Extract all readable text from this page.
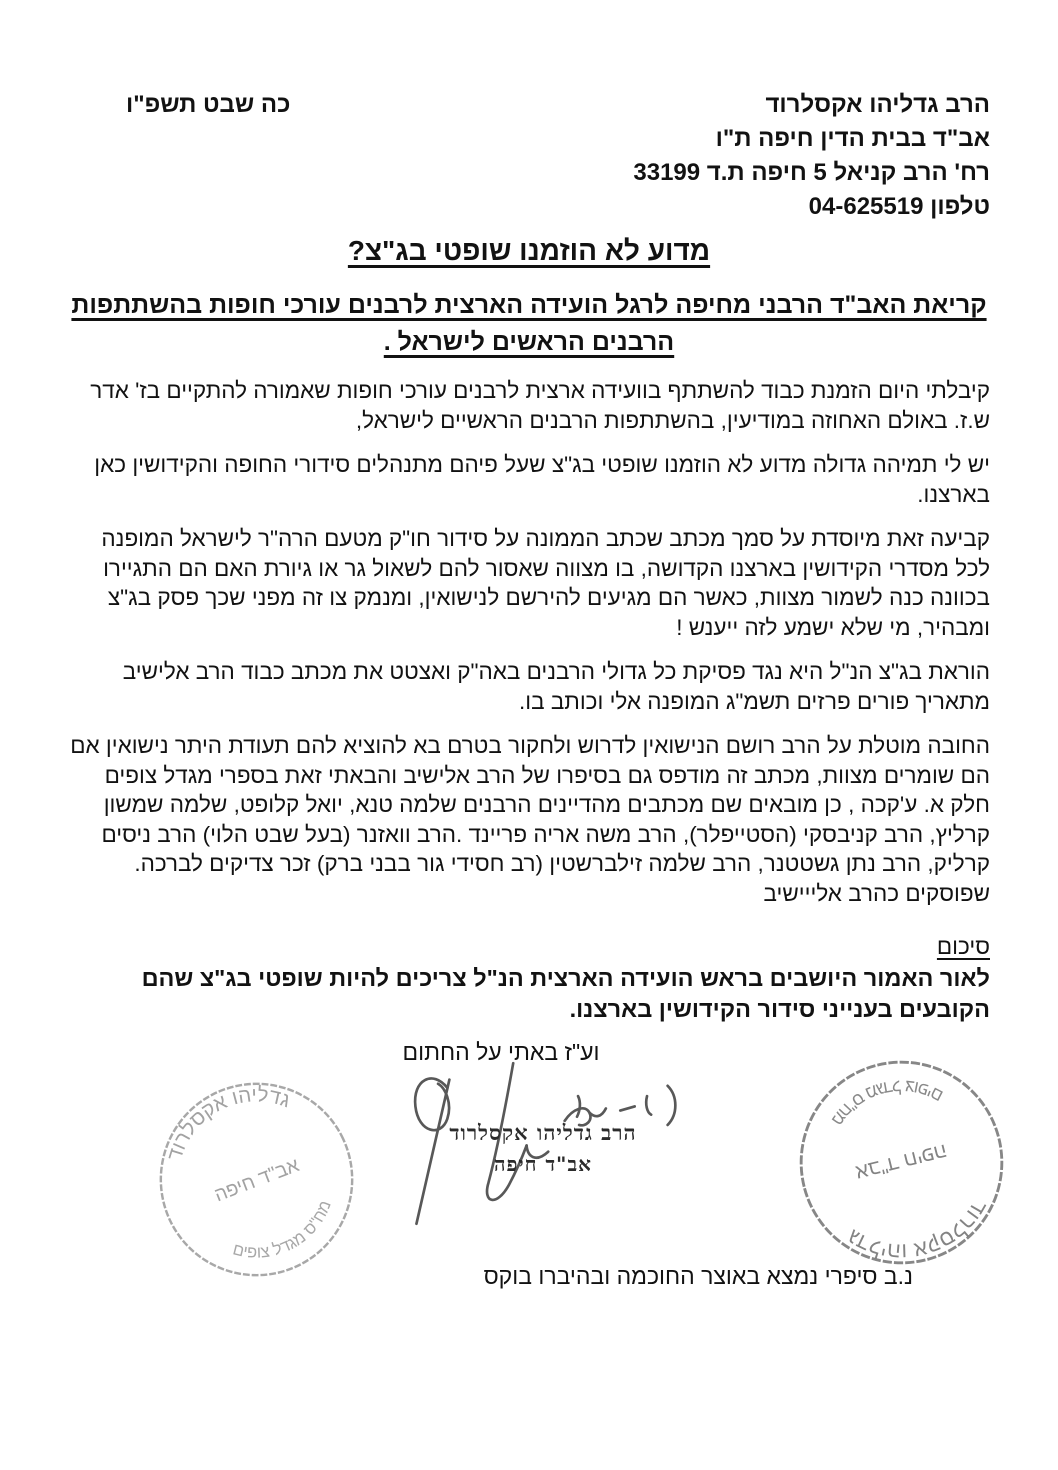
הרב גדליהו אקסלרוד
אב"ד בבית הדין חיפה ת"ו
רח' הרב קניאל 5 חיפה ת.ד 33199
טלפון 04-625519
כה שבט תשפ"ו
מדוע לא הוזמנו שופטי בג"צ?
קריאת האב"ד הרבני מחיפה לרגל הועידה הארצית לרבנים עורכי חופות בהשתתפות הרבנים הראשים לישראל .

קיבלתי היום הזמנת כבוד להשתתף בוועידה ארצית לרבנים עורכי חופות שאמורה להתקיים בז' אדר ש.ז. באולם האחוזה במודיעין, בהשתתפות הרבנים הראשיים לישראל,

יש לי תמיהה גדולה מדוע לא הוזמנו שופטי בג"צ שעל פיהם מתנהלים סידורי החופה והקידושין כאן בארצנו.

קביעה זאת מיוסדת על סמך מכתב שכתב הממונה על סידור חו"ק מטעם הרה"ר לישראל המופנה לכל מסדרי הקידושין בארצנו הקדושה, בו מצווה שאסור להם לשאול גר או גיורת האם הם התגיירו בכוונה כנה לשמור מצוות, כאשר הם מגיעים להירשם לנישואין, ומנמק צו זה מפני שכך פסק בג"צ ומבהיר, מי שלא ישמע לזה ייענש !

הוראת בג"צ הנ"ל היא נגד פסיקת כל גדולי הרבנים באה"ק ואצטט את מכתב כבוד הרב אלישיב מתאריך פורים פרזים תשמ"ג המופנה אלי וכותב בו.

החובה מוטלת על הרב רושם הנישואין לדרוש ולחקור בטרם בא להוציא להם תעודת היתר נישואין אם הם שומרים מצוות, מכתב זה מודפס גם בסיפרו של הרב אלישיב והבאתי זאת בספרי מגדל צופים חלק א. ע'קכה , כן מובאים שם מכתבים מהדיינים הרבנים שלמה טנא, יואל קלופט, שלמה שמשון קרליץ, הרב קניבסקי (הסטייפלר), הרב משה אריה פריינד .הרב וואזנר (בעל שבט הלוי) הרב ניסים קרליק, הרב נתן גשטטנר, הרב שלמה זילברשטין (רב חסידי גור בבני ברק) זכר צדיקים לברכה. שפוסקים כהרב אלייישיב

סיכום
לאור האמור היושבים בראש הועידה הארצית הנ"ל צריכים להיות שופטי בג"צ שהם הקובעים בענייני סידור הקידושין בארצנו.
וע"ז באתי על החתום
הרב גדליהו אקסלרוד
אב"ד חיפה
גדליהו אקסלרוד
מח"ס מגדל צופים
אב"ד חיפה
גדליהו אקסלרוד
מח"ס מגדל צופים
אב"ד חיפה
נ.ב סיפרי נמצא באוצר החוכמה ובהיברו בוקס
